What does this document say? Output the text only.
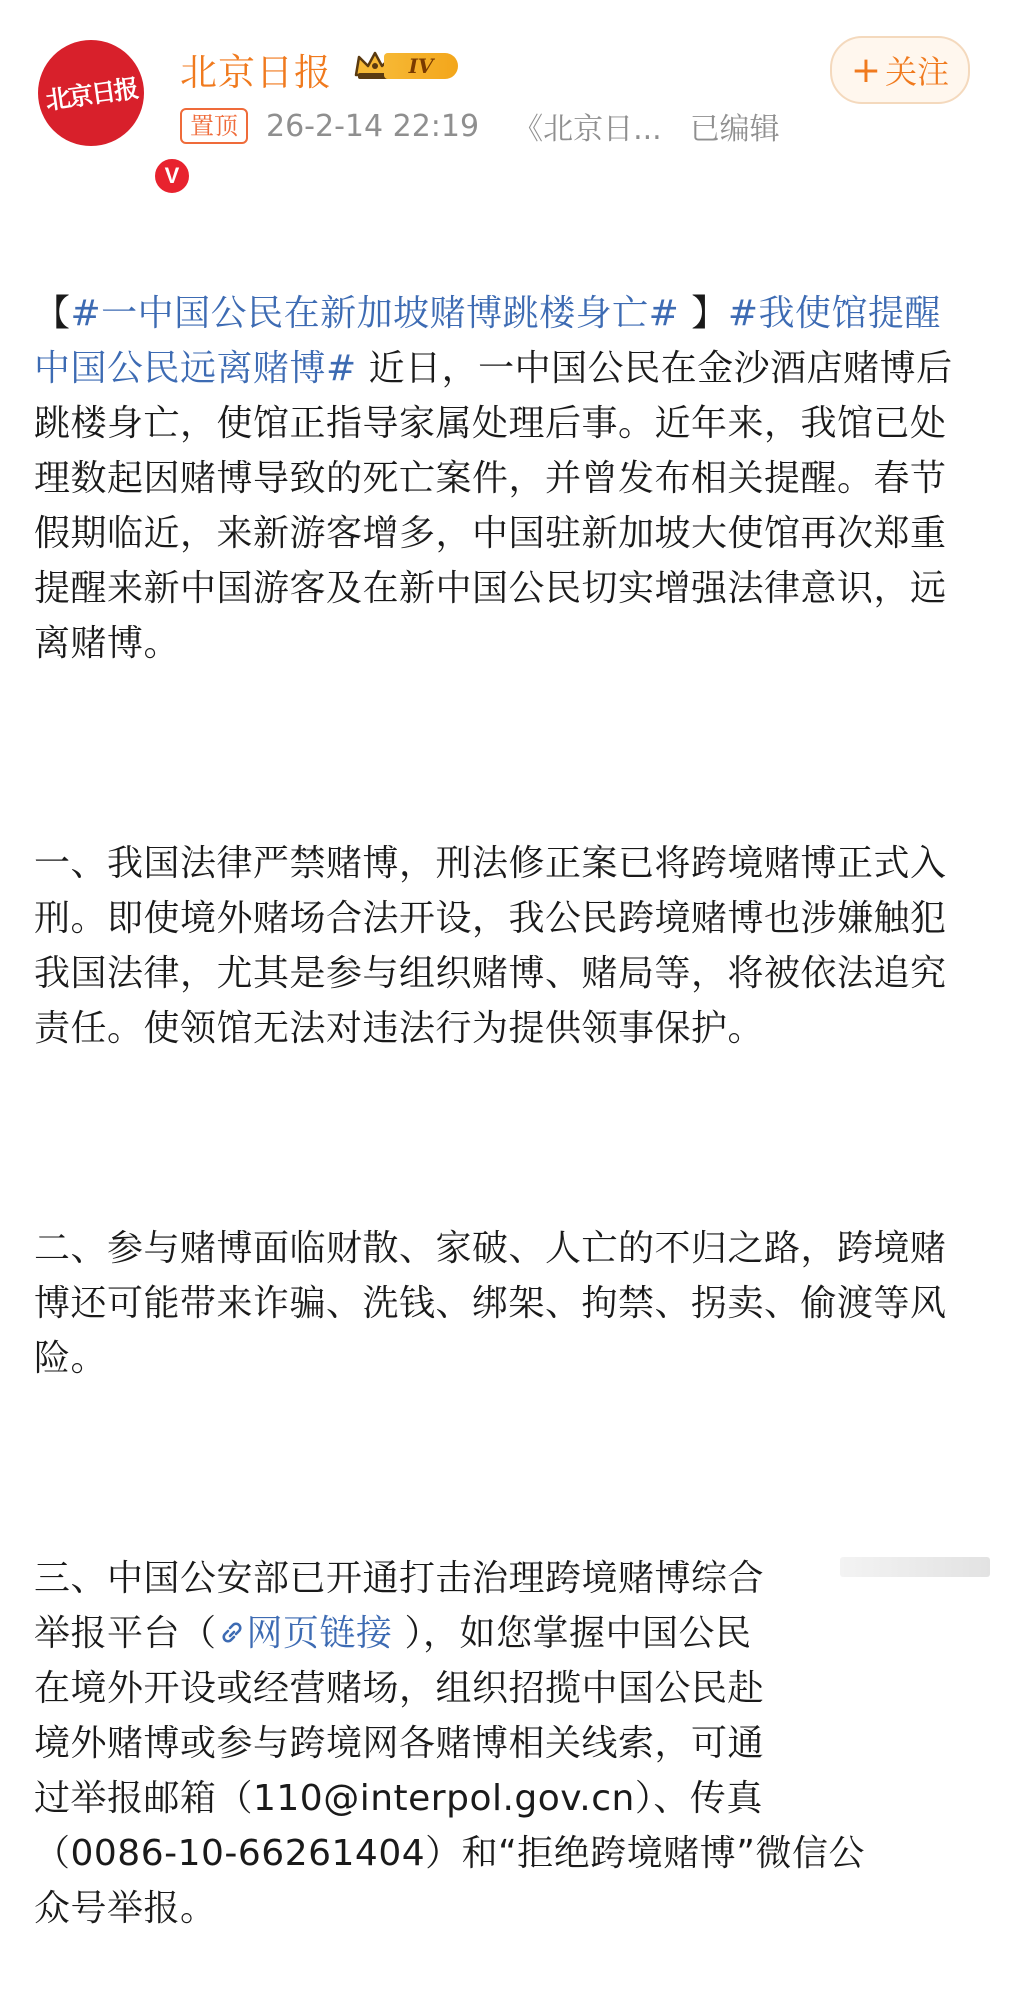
北京日报
V
北京日报	IV	+ 关注
置顶 26-2-14 22:19 《北京日... 已编辑

【#一中国公民在新加坡赌博跳楼身亡# 】#我使馆提醒中国公民远离赌博# 近日，一中国公民在金沙酒店赌博后跳楼身亡，使馆正指导家属处理后事。近年来，我馆已处理数起因赌博导致的死亡案件，并曾发布相关提醒。春节假期临近，来新游客增多，中国驻新加坡大使馆再次郑重提醒来新中国游客及在新中国公民切实增强法律意识，远离赌博。

一、我国法律严禁赌博，刑法修正案已将跨境赌博正式入刑。即使境外赌场合法开设，我公民跨境赌博也涉嫌触犯我国法律，尤其是参与组织赌博、赌局等，将被依法追究责任。使领馆无法对违法行为提供领事保护。

二、参与赌博面临财散、家破、人亡的不归之路，跨境赌博还可能带来诈骗、洗钱、绑架、拘禁、拐卖、偷渡等风险。

三、中国公安部已开通打击治理跨境赌博综合
举报平台（ 网页链接 ），如您掌握中国公民
在境外开设或经营赌场，组织招揽中国公民赴
境外赌博或参与跨境网各赌博相关线索，可通
过举报邮箱（110@interpol.gov.cn）、传真
（0086-10-66261404）和“拒绝跨境赌博”微信公
众号举报。
